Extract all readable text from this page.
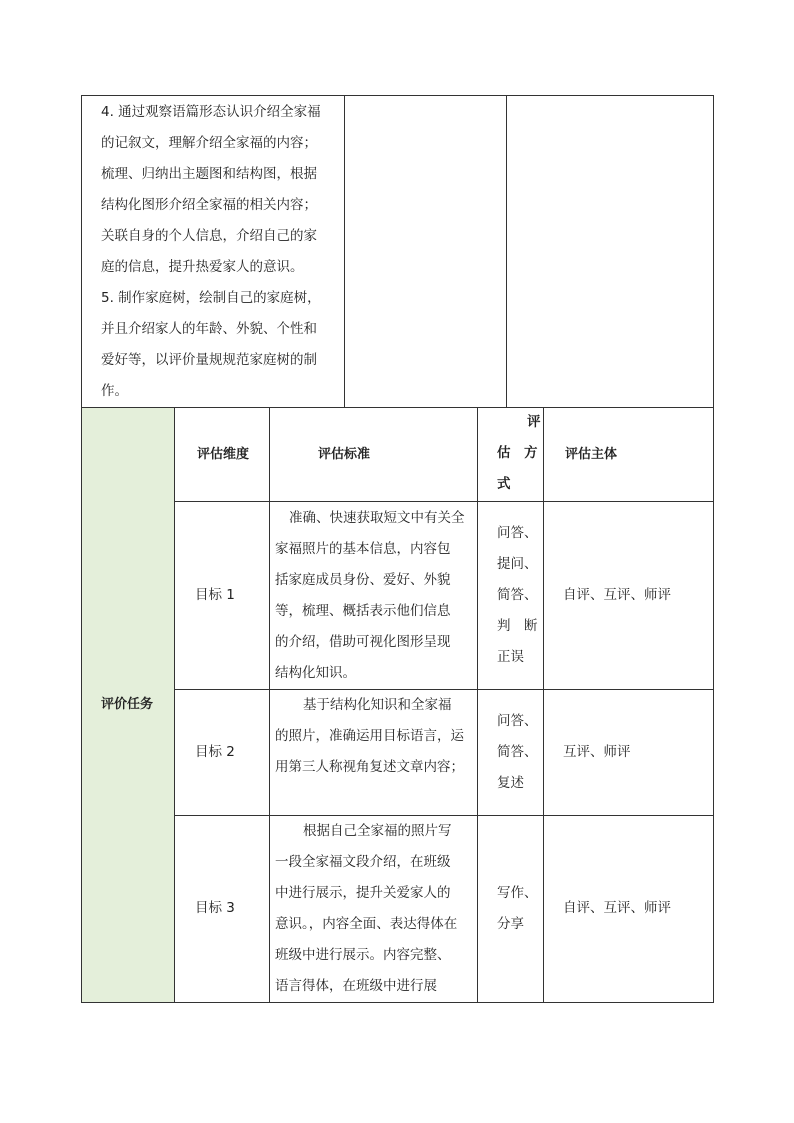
4. 通过观察语篇形态认识介绍全家福
的记叙文，理解介绍全家福的内容；
梳理、归纳出主题图和结构图，根据
结构化图形介绍全家福的相关内容；
关联自身的个人信息，介绍自己的家
庭的信息，提升热爱家人的意识。
5. 制作家庭树，绘制自己的家庭树，
并且介绍家人的年龄、外貌、个性和
爱好等，以评价量规规范家庭树的制
作。
评价任务
评估维度	评估标准
评
估　方
式
评估主体
目标 1
准确、快速获取短文中有关全
家福照片的基本信息，内容包
括家庭成员身份、爱好、外貌
等，梳理、概括表示他们信息
的介绍，借助可视化图形呈现
结构化知识。
问答、
提问、
简答、
判　断
正误
自评、互评、师评
目标 2
基于结构化知识和全家福
的照片，准确运用目标语言，运
用第三人称视角复述文章内容；
问答、
简答、
复述
互评、师评
目标 3
根据自己全家福的照片写
一段全家福文段介绍，在班级
中进行展示，提升关爱家人的
意识。，内容全面、表达得体在
班级中进行展示。内容完整、
语言得体，在班级中进行展
写作、
分享
自评、互评、师评
